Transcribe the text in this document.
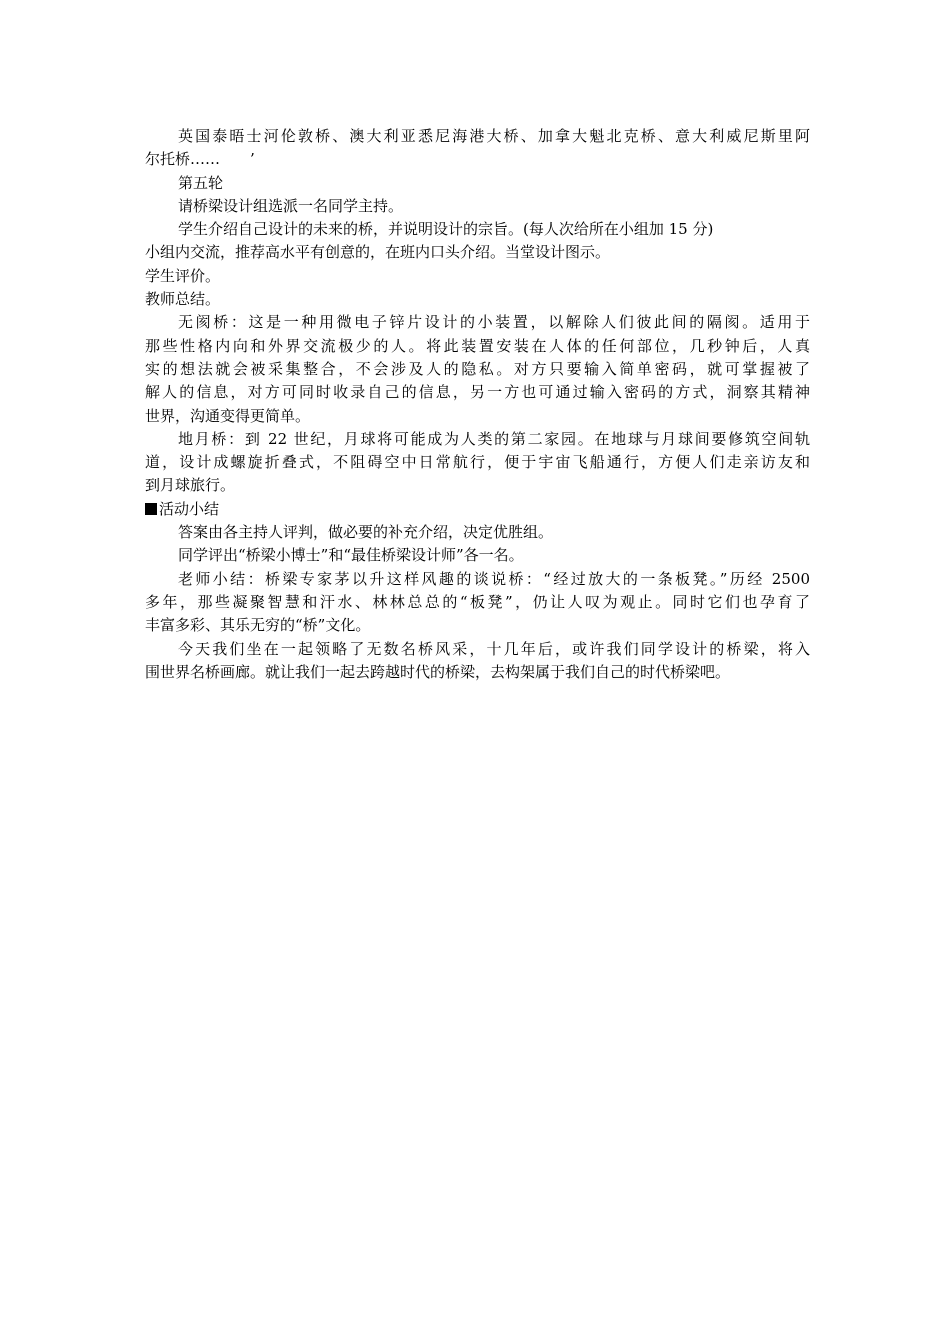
英国泰晤士河伦敦桥、澳大利亚悉尼海港大桥、加拿大魁北克桥、意大利威尼斯里阿
尔托桥……　　’
第五轮
请桥梁设计组选派一名同学主持。
学生介绍自己设计的未来的桥，并说明设计的宗旨。(每人次给所在小组加 15 分)
小组内交流，推荐高水平有创意的，在班内口头介绍。当堂设计图示。
学生评价。
教师总结。
无阂桥：这是一种用微电子锌片设计的小装置，以解除人们彼此间的隔阂。适用于
那些性格内向和外界交流极少的人。将此装置安装在人体的任何部位，几秒钟后，人真
实的想法就会被采集整合，不会涉及人的隐私。对方只要输入简单密码，就可掌握被了
解人的信息，对方可同时收录自己的信息，另一方也可通过输入密码的方式，洞察其精神
世界，沟通变得更简单。
地月桥：到 22 世纪，月球将可能成为人类的第二家园。在地球与月球间要修筑空间轨
道，设计成螺旋折叠式，不阻碍空中日常航行，便于宇宙飞船通行，方便人们走亲访友和
到月球旅行。
活动小结
答案由各主持人评判，做必要的补充介绍，决定优胜组。
同学评出“桥梁小博士”和“最佳桥梁设计师”各一名。
老师小结：桥梁专家茅以升这样风趣的谈说桥：“经过放大的一条板凳。”历经 2500
多年，那些凝聚智慧和汗水、林林总总的“板凳”，仍让人叹为观止。同时它们也孕育了
丰富多彩、其乐无穷的“桥”文化。
今天我们坐在一起领略了无数名桥风采，十几年后，或许我们同学设计的桥梁，将入
围世界名桥画廊。就让我们一起去跨越时代的桥梁，去构架属于我们自己的时代桥梁吧。
